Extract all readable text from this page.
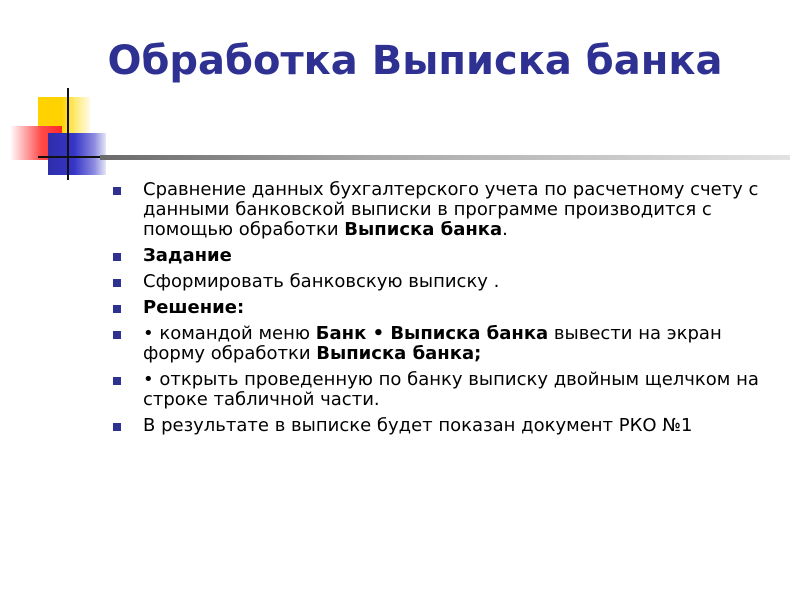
Обработка Выписка банка
Сравнение данных бухгалтерского учета по расчетному счету с данными банковской выписки в программе производится с помощью обработки Выписка банка.
Задание
Сформировать банковскую выписку .
Решение:
• командой меню Банк • Выписка банка вывести на экран форму обработки Выписка банка;
• открыть проведенную по банку выписку двойным щелчком на строке табличной части.
В результате в выписке будет показан документ РКО №1
